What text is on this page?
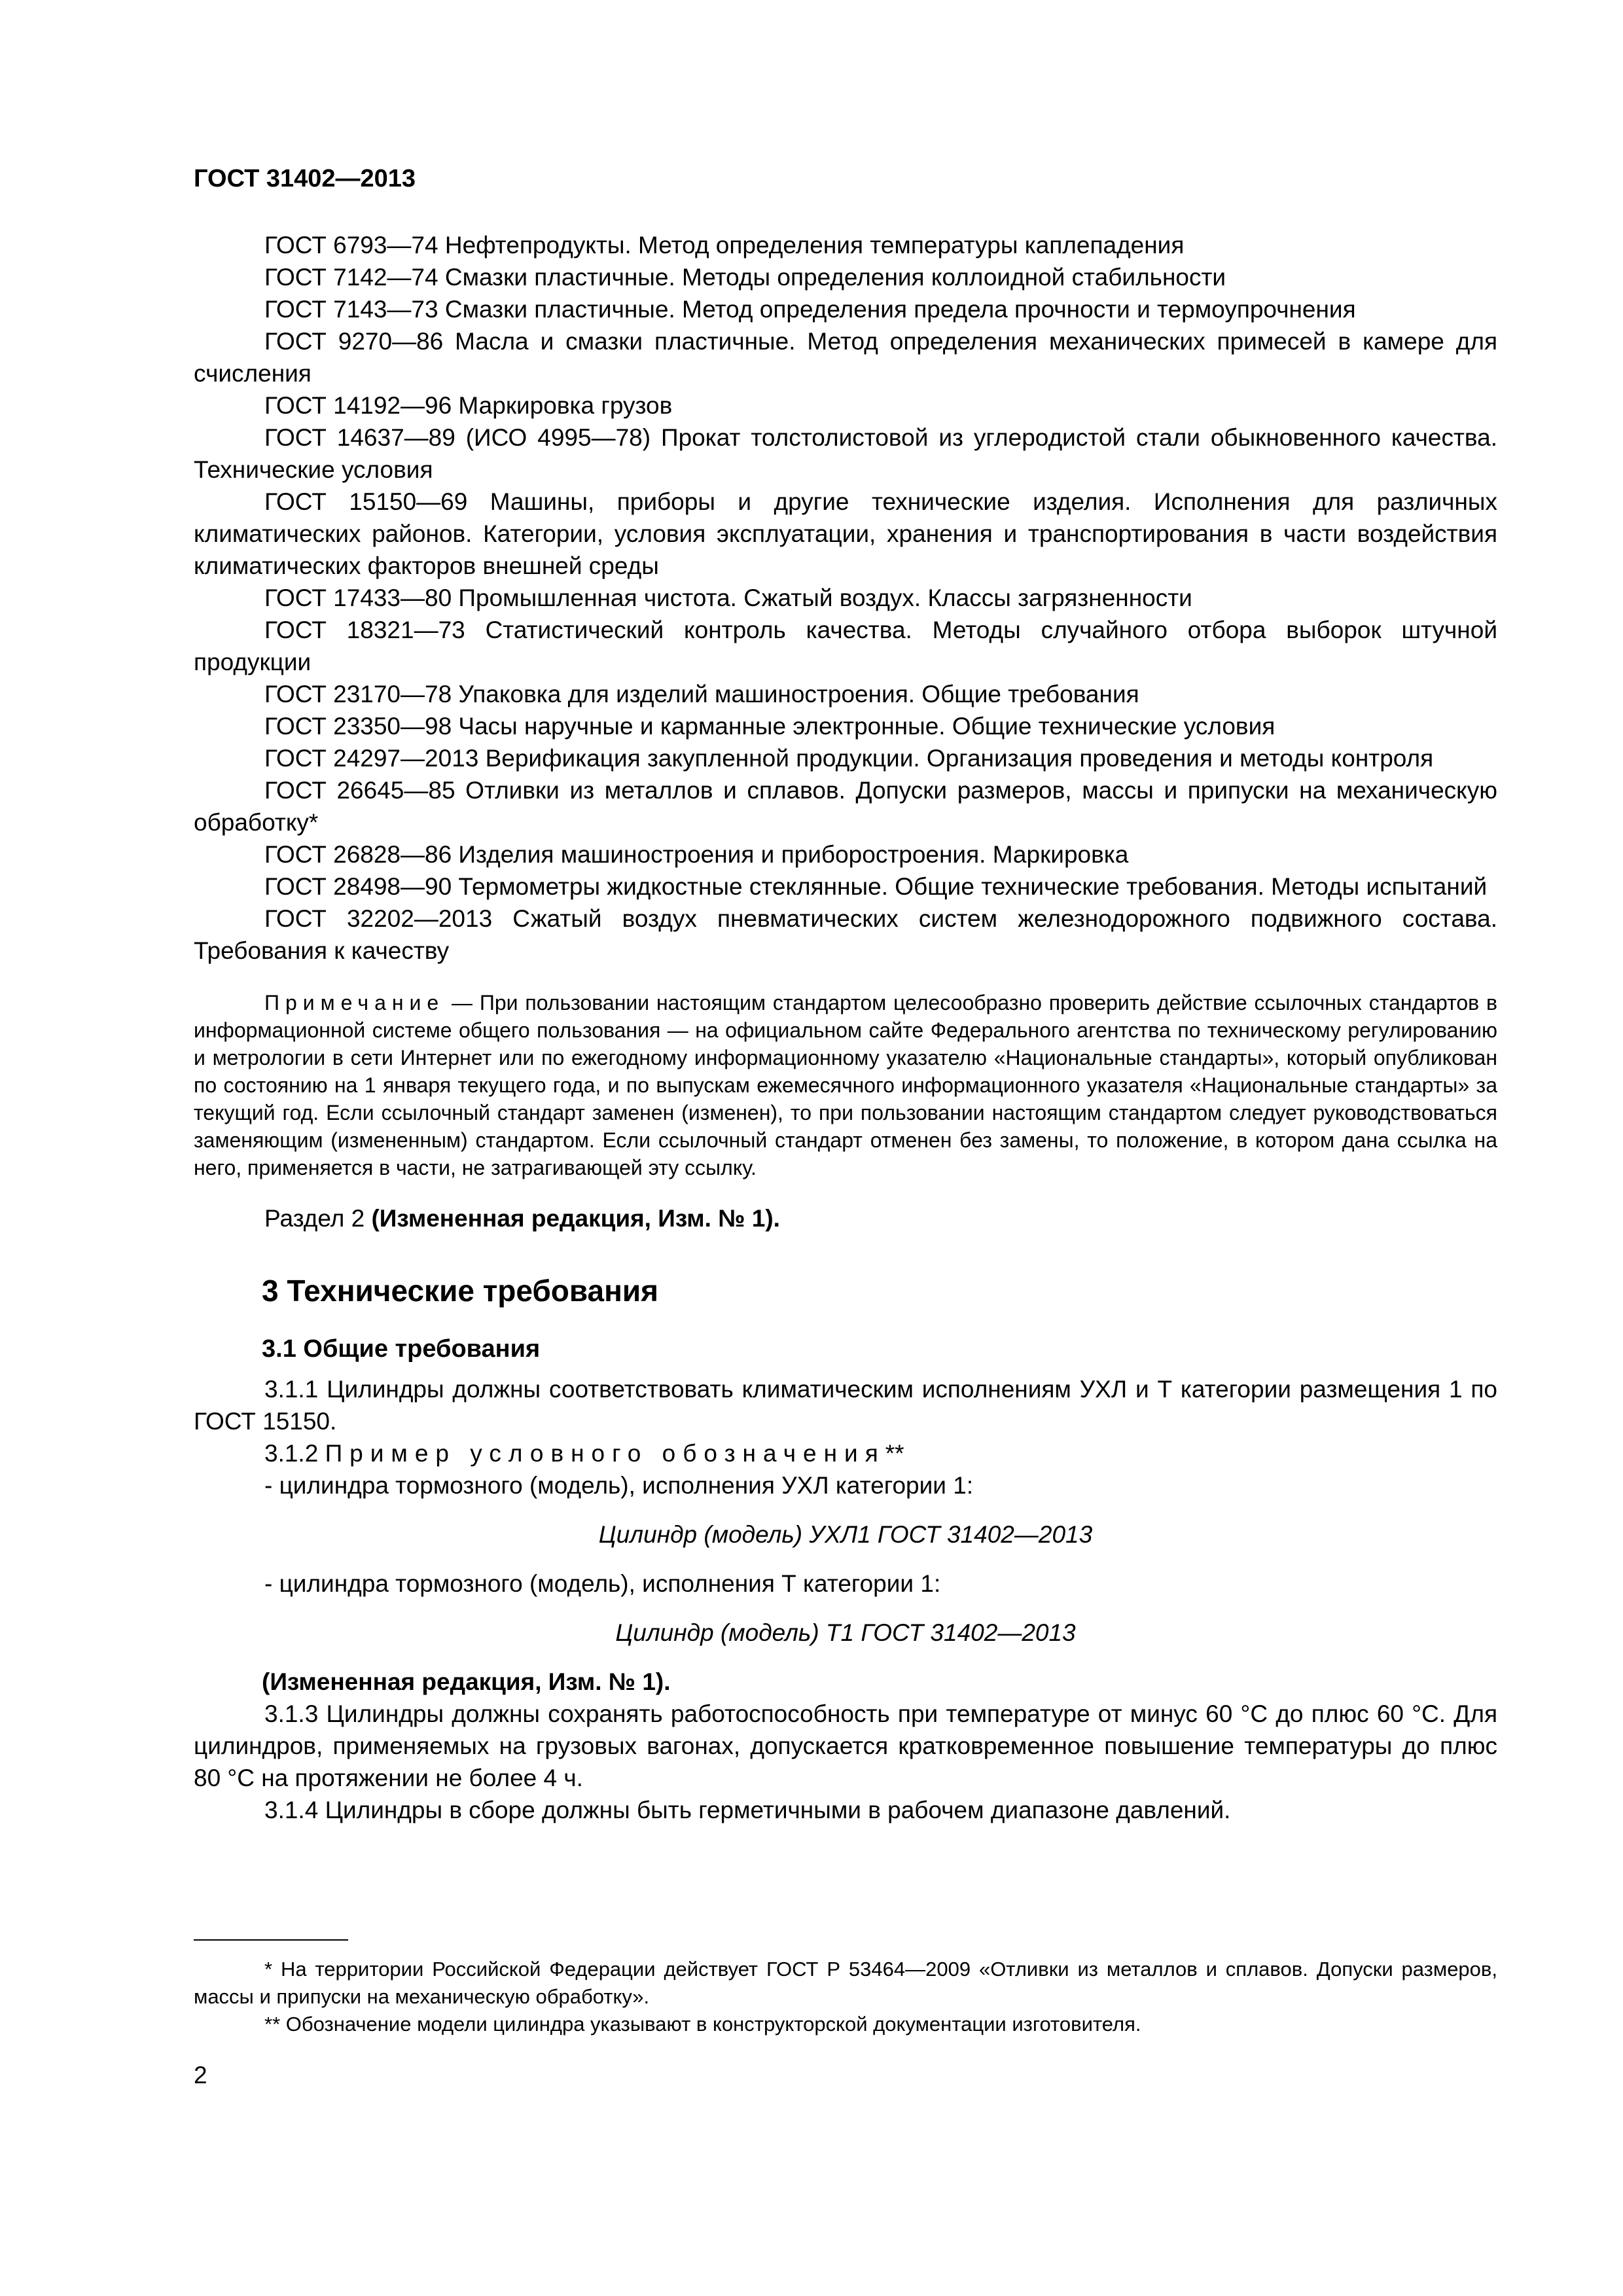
ГОСТ 31402—2013

ГОСТ 6793—74 Нефтепродукты. Метод определения температуры каплепадения

ГОСТ 7142—74 Смазки пластичные. Методы определения коллоидной стабильности

ГОСТ 7143—73 Смазки пластичные. Метод определения предела прочности и термоупрочнения

ГОСТ 9270—86 Масла и смазки пластичные. Метод определения механических примесей в камере для счисления

ГОСТ 14192—96 Маркировка грузов

ГОСТ 14637—89 (ИСО 4995—78) Прокат толстолистовой из углеродистой стали обыкновенного качества. Технические условия

ГОСТ 15150—69 Машины, приборы и другие технические изделия. Исполнения для различных климатических районов. Категории, условия эксплуатации, хранения и транспортирования в части воздействия климатических факторов внешней среды

ГОСТ 17433—80 Промышленная чистота. Сжатый воздух. Классы загрязненности

ГОСТ 18321—73 Статистический контроль качества. Методы случайного отбора выборок штучной продукции

ГОСТ 23170—78 Упаковка для изделий машиностроения. Общие требования

ГОСТ 23350—98 Часы наручные и карманные электронные. Общие технические условия

ГОСТ 24297—2013 Верификация закупленной продукции. Организация проведения и методы контроля

ГОСТ 26645—85 Отливки из металлов и сплавов. Допуски размеров, массы и припуски на механическую обработку*

ГОСТ 26828—86 Изделия машиностроения и приборостроения. Маркировка

ГОСТ 28498—90 Термометры жидкостные стеклянные. Общие технические требования. Методы испытаний

ГОСТ 32202—2013 Сжатый воздух пневматических систем железнодорожного подвижного состава. Требования к качеству

Примечание — При пользовании настоящим стандартом целесообразно проверить действие ссылочных стандартов в информационной системе общего пользования — на официальном сайте Федерального агентства по техническому регулированию и метрологии в сети Интернет или по ежегодному информационному указателю «Национальные стандарты», который опубликован по состоянию на 1 января текущего года, и по выпускам ежемесячного информационного указателя «Национальные стандарты» за текущий год. Если ссылочный стандарт заменен (изменен), то при пользовании настоящим стандартом следует руководствоваться заменяющим (измененным) стандартом. Если ссылочный стандарт отменен без замены, то положение, в котором дана ссылка на него, применяется в части, не затрагивающей эту ссылку.

Раздел 2 (Измененная редакция, Изм. № 1).

3 Технические требования
3.1 Общие требования

3.1.1 Цилиндры должны соответствовать климатическим исполнениям УХЛ и Т категории размещения 1 по ГОСТ 15150.

3.1.2 Пример условного обозначения**

- цилиндра тормозного (модель), исполнения УХЛ категории 1:

Цилиндр (модель) УХЛ1 ГОСТ 31402—2013

- цилиндра тормозного (модель), исполнения Т категории 1:

Цилиндр (модель) Т1 ГОСТ 31402—2013

(Измененная редакция, Изм. № 1).

3.1.3 Цилиндры должны сохранять работоспособность при температуре от минус 60 °С до плюс 60 °С. Для цилиндров, применяемых на грузовых вагонах, допускается кратковременное повышение температуры до плюс 80 °С на протяжении не более 4 ч.

3.1.4 Цилиндры в сборе должны быть герметичными в рабочем диапазоне давлений.

* На территории Российской Федерации действует ГОСТ Р 53464—2009 «Отливки из металлов и сплавов. Допуски размеров, массы и припуски на механическую обработку».

** Обозначение модели цилиндра указывают в конструкторской документации изготовителя.

2
